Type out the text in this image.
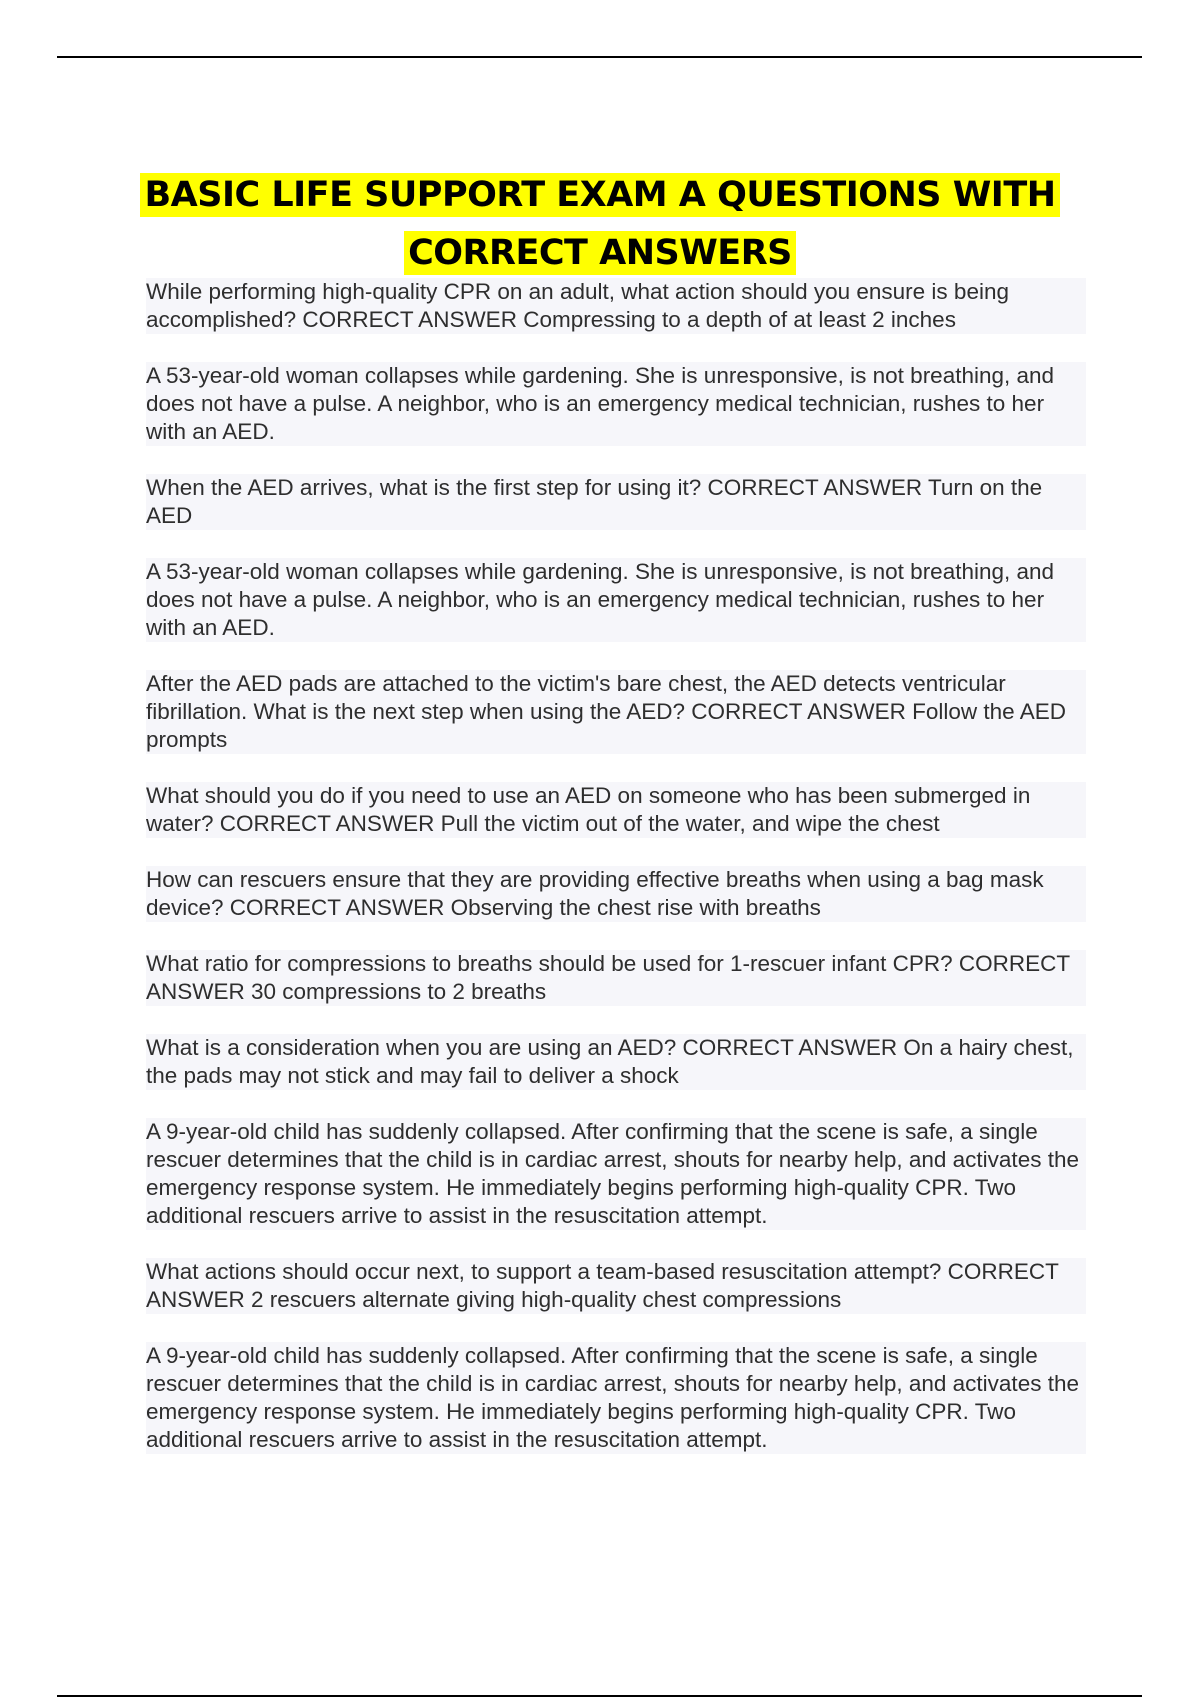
BASIC LIFE SUPPORT EXAM A QUESTIONS WITH CORRECT ANSWERS

While performing high-quality CPR on an adult, what action should you ensure is being accomplished? CORRECT ANSWER Compressing to a depth of at least 2 inches

A 53-year-old woman collapses while gardening. She is unresponsive, is not breathing, and does not have a pulse. A neighbor, who is an emergency medical technician, rushes to her with an AED.

When the AED arrives, what is the first step for using it? CORRECT ANSWER Turn on the AED

A 53-year-old woman collapses while gardening. She is unresponsive, is not breathing, and does not have a pulse. A neighbor, who is an emergency medical technician, rushes to her with an AED.

After the AED pads are attached to the victim's bare chest, the AED detects ventricular fibrillation. What is the next step when using the AED? CORRECT ANSWER Follow the AED prompts

What should you do if you need to use an AED on someone who has been submerged in water? CORRECT ANSWER Pull the victim out of the water, and wipe the chest

How can rescuers ensure that they are providing effective breaths when using a bag mask device? CORRECT ANSWER Observing the chest rise with breaths

What ratio for compressions to breaths should be used for 1-rescuer infant CPR? CORRECT ANSWER 30 compressions to 2 breaths

What is a consideration when you are using an AED? CORRECT ANSWER On a hairy chest, the pads may not stick and may fail to deliver a shock

A 9-year-old child has suddenly collapsed. After confirming that the scene is safe, a single rescuer determines that the child is in cardiac arrest, shouts for nearby help, and activates the emergency response system. He immediately begins performing high-quality CPR. Two additional rescuers arrive to assist in the resuscitation attempt.

What actions should occur next, to support a team-based resuscitation attempt? CORRECT ANSWER 2 rescuers alternate giving high-quality chest compressions

A 9-year-old child has suddenly collapsed. After confirming that the scene is safe, a single rescuer determines that the child is in cardiac arrest, shouts for nearby help, and activates the emergency response system. He immediately begins performing high-quality CPR. Two additional rescuers arrive to assist in the resuscitation attempt.
